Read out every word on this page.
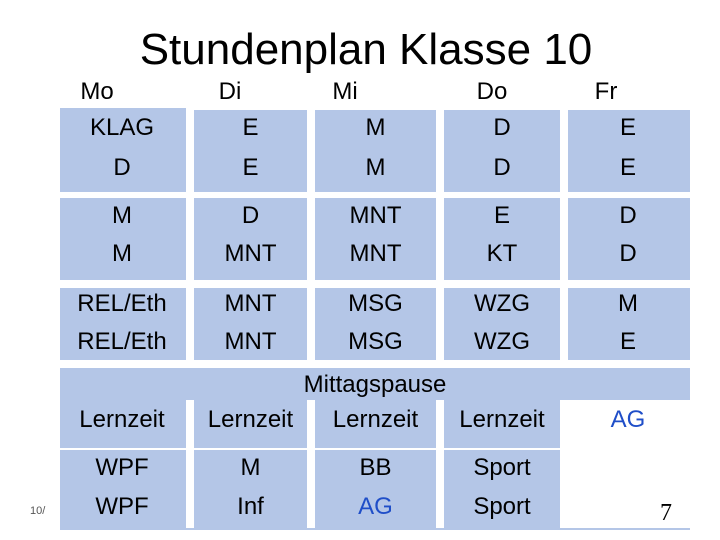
Stundenplan Klasse 10
Mo	Di	Mi	Do	Fr
KLAG	E	M	D	E
D	E	M	D	E
M	D	MNT	E	D
M	MNT	MNT	KT	D
REL/Eth	MNT	MSG	WZG	M
REL/Eth	MNT	MSG	WZG	E
Mittagspause
Lernzeit	Lernzeit	Lernzeit	Lernzeit	AG
WPF	M	BB	Sport
WPF	Inf	AG	Sport
10/	7
